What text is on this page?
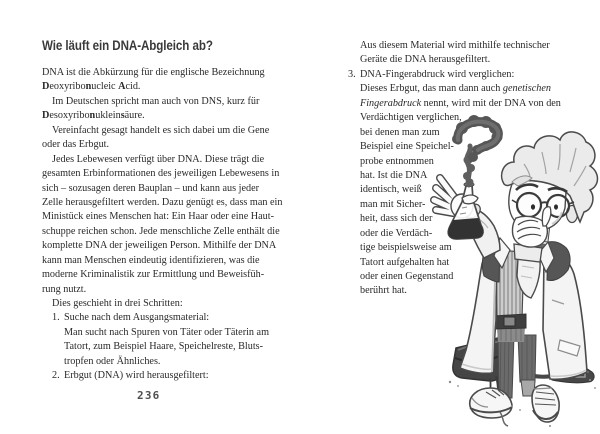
Wie läuft ein DNA-Abgleich ab?
DNA ist die Abkürzung für die englische Bezeichnung
Deoxyribonucleic Acid.
Im Deutschen spricht man auch von DNS, kurz für
Desoxyribonukleinsäure.
Vereinfacht gesagt handelt es sich dabei um die Gene
oder das Erbgut.
Jedes Lebewesen verfügt über DNA. Diese trägt die
gesamten Erbinformationen des jeweiligen Lebewesens in
sich – sozusagen deren Bauplan – und kann aus jeder
Zelle herausgefiltert werden. Dazu genügt es, dass man ein
Ministück eines Menschen hat: Ein Haar oder eine Haut-
schuppe reichen schon. Jede menschliche Zelle enthält die
komplette DNA der jeweiligen Person. Mithilfe der DNA
kann man Menschen eindeutig identifizieren, was die
moderne Kriminalistik zur Ermittlung und Beweisfüh-
rung nutzt.
Dies geschieht in drei Schritten:
1. Suche nach dem Ausgangsmaterial:
Man sucht nach Spuren von Täter oder Täterin am
Tatort, zum Beispiel Haare, Speichelreste, Bluts-
tropfen oder Ähnliches.
2. Erbgut (DNA) wird herausgefiltert:
Aus diesem Material wird mithilfe technischer
Geräte die DNA herausgefiltert.
3. DNA-Fingerabdruck wird verglichen:
Dieses Erbgut, das man dann auch genetischen
Fingerabdruck nennt, wird mit der DNA von den
Verdächtigen verglichen,
bei denen man zum
Beispiel eine Speichel-
probe entnommen
hat. Ist die DNA
identisch, weiß
man mit Sicher-
heit, dass sich der
oder die Verdäch-
tige beispielsweise am
Tatort aufgehalten hat
oder einen Gegenstand
berührt hat.
236
